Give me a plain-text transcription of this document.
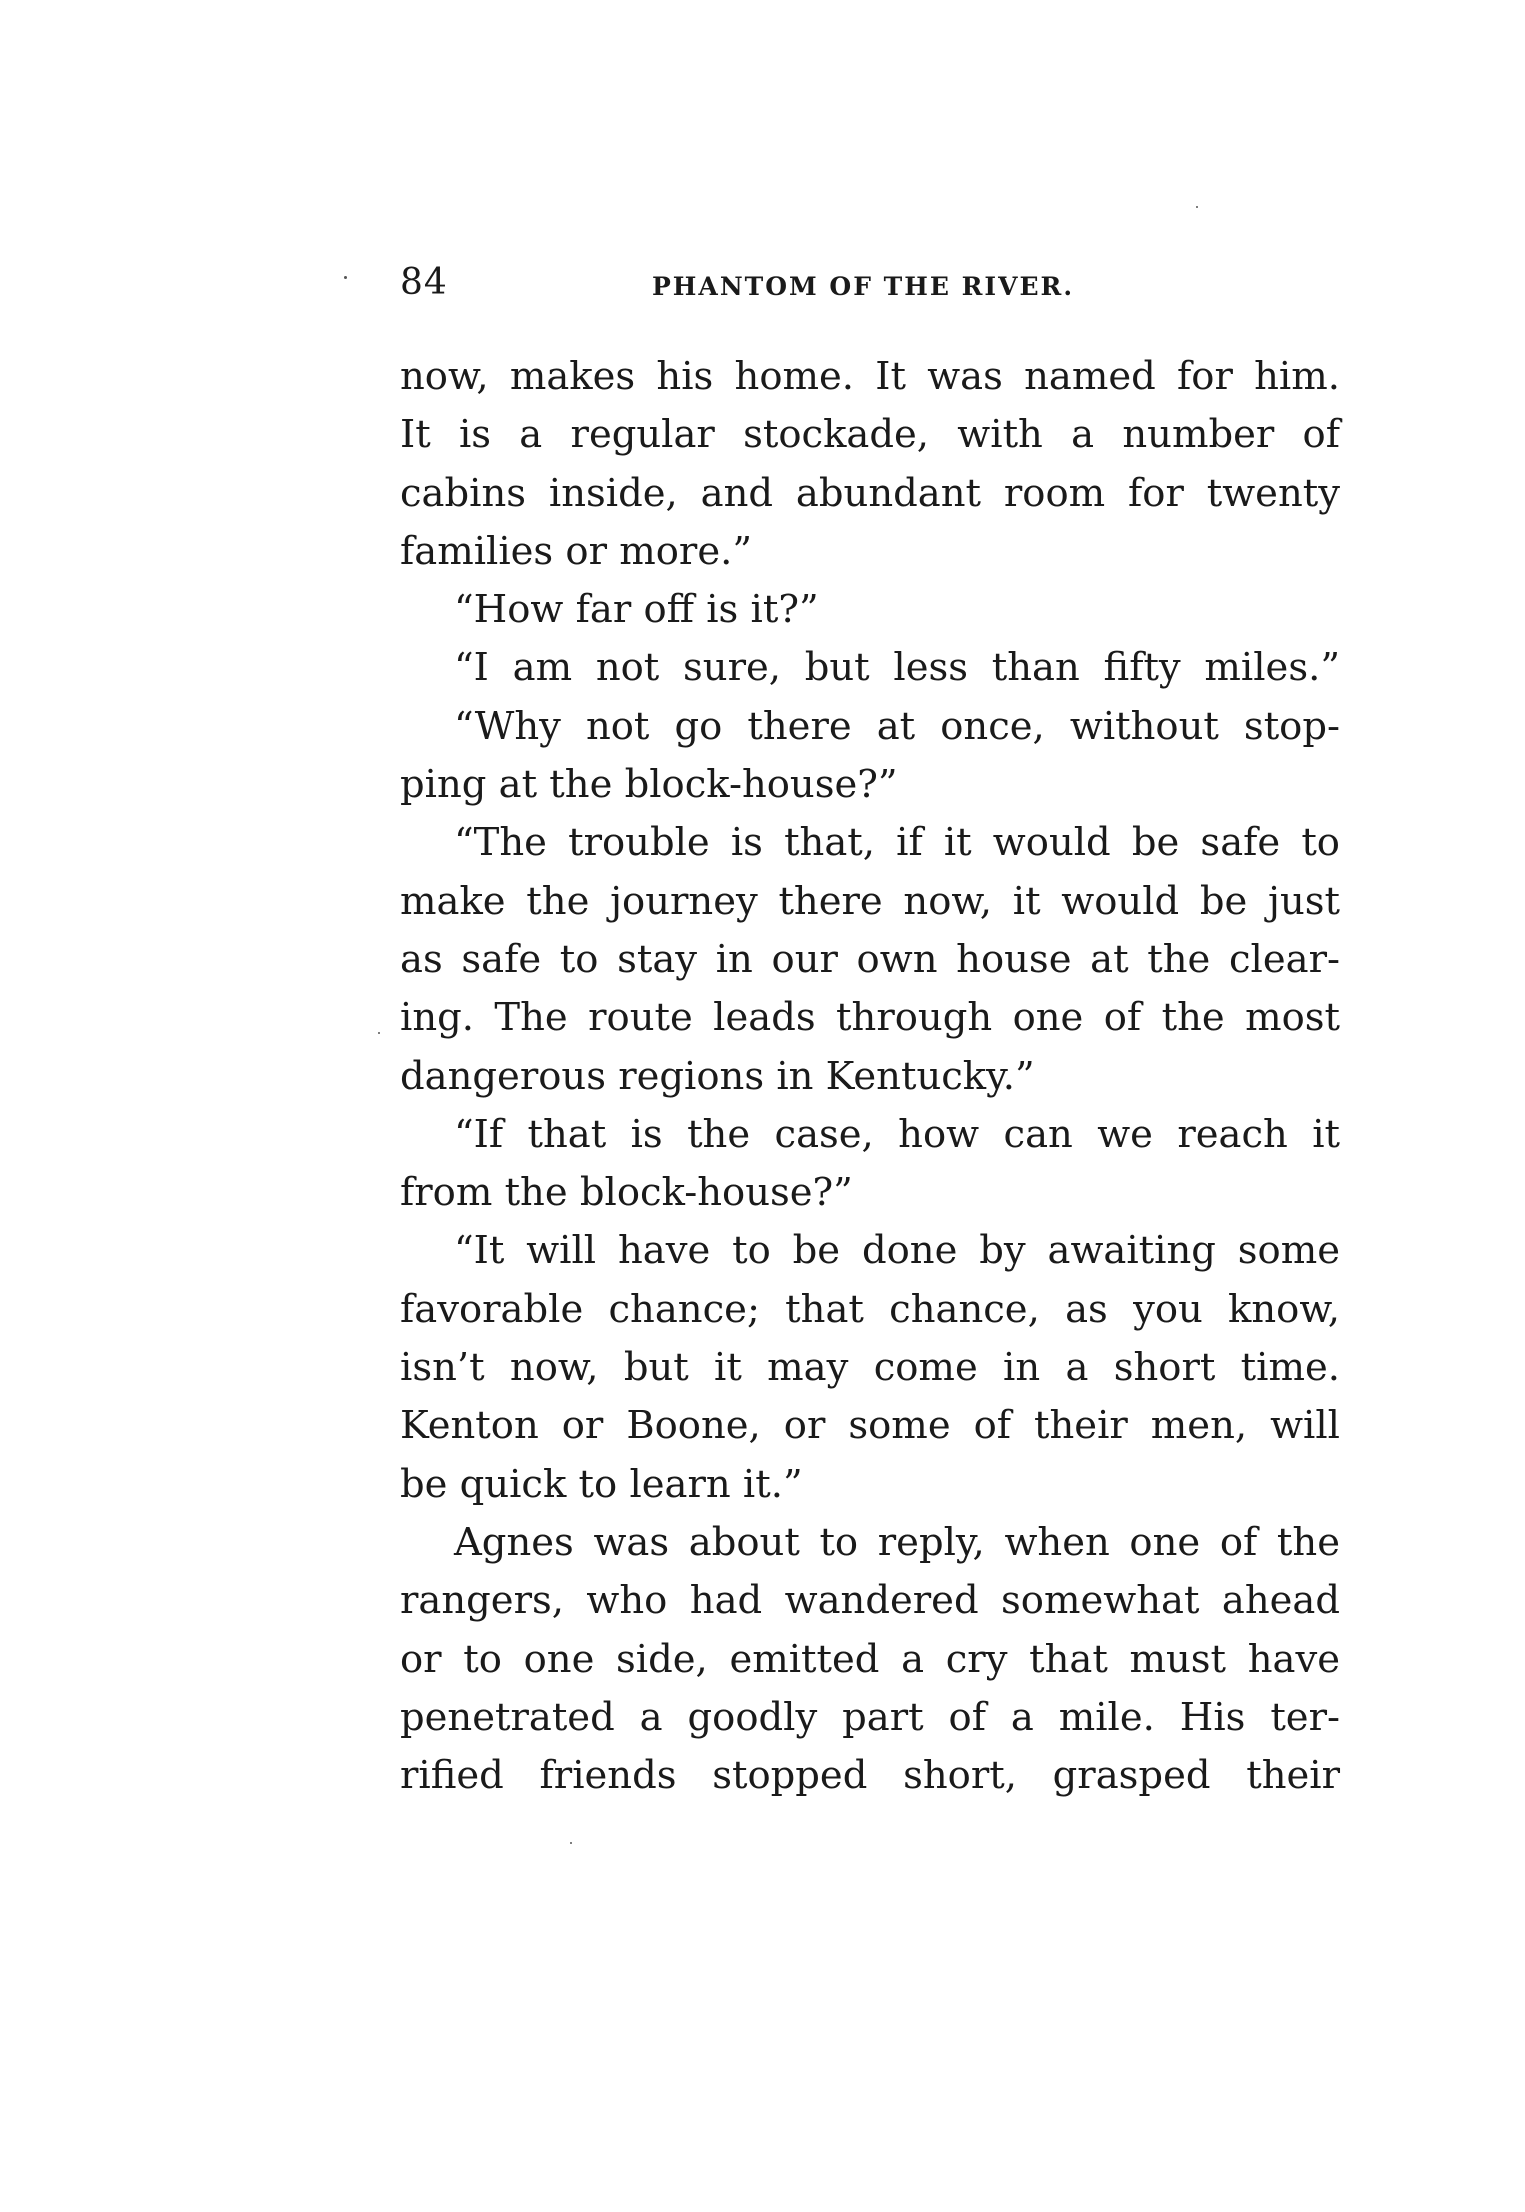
84	PHANTOM OF THE RIVER.
now, makes his home. It was named for him.
It is a regular stockade, with a number of
cabins inside, and abundant room for twenty
families or more.”
“How far off is it?”
“I am not sure, but less than fifty miles.”
“Why not go there at once, without stop-
ping at the block-house?”
“The trouble is that, if it would be safe to
make the journey there now, it would be just
as safe to stay in our own house at the clear-
ing. The route leads through one of the most
dangerous regions in Kentucky.”
“If that is the case, how can we reach it
from the block-house?”
“It will have to be done by awaiting some
favorable chance; that chance, as you know,
isn’t now, but it may come in a short time.
Kenton or Boone, or some of their men, will
be quick to learn it.”
Agnes was about to reply, when one of the
rangers, who had wandered somewhat ahead
or to one side, emitted a cry that must have
penetrated a goodly part of a mile. His ter-
rified friends stopped short, grasped their
